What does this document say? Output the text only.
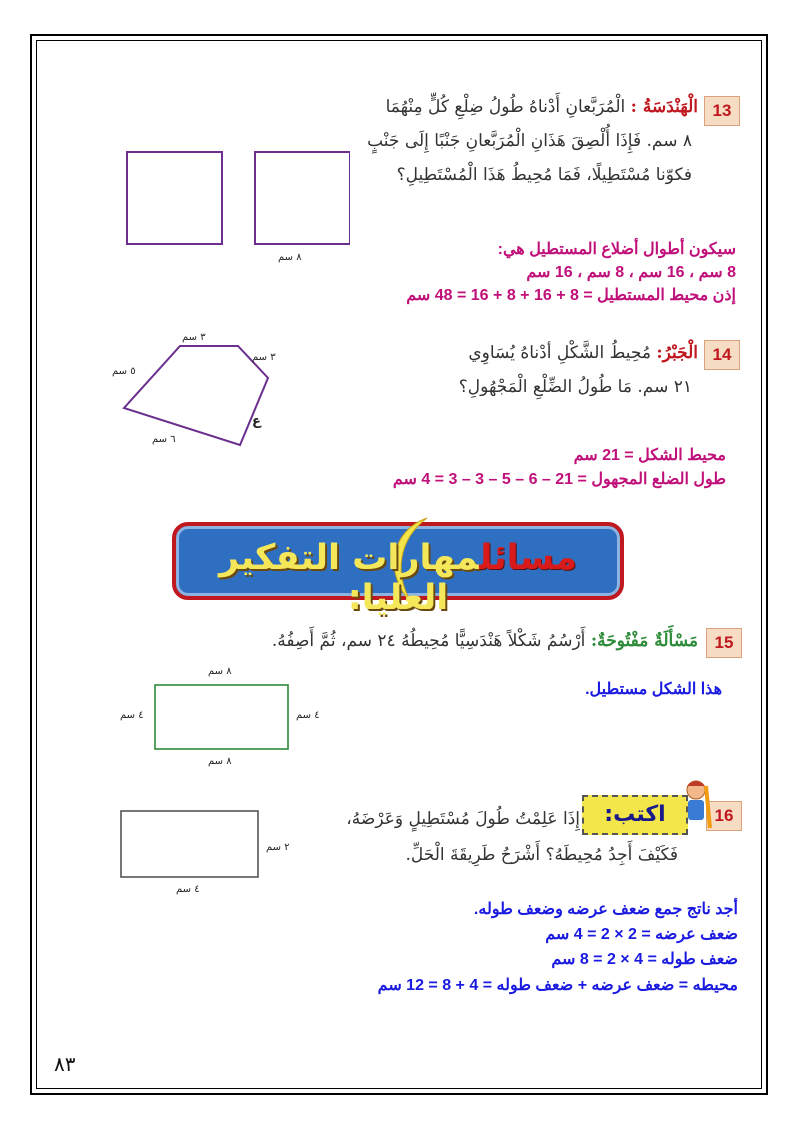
13
الْهَنْدَسَةُ : الْمُرَبَّعانِ أَدْناهُ طُولُ ضِلْعِ كُلٍّ مِنْهُمَا
٨ سم. فَإِذَا أُلْصِقَ هَذَانِ الْمُرَبَّعانِ جَنْبًا إِلَى جَنْبٍ
فكوّنا مُسْتَطِيلًا، فَمَا مُحِيطُ هَذَا الْمُسْتَطِيلِ؟
٨ سم	سيكون أطوال أضلاع المستطيل هي:
8 سم ، 16 سم ، 8 سم ، 16 سم
إذن محيط المستطيل = 8 + 16 + 8 + 16 = 48 سم
14
الْجَبْرُ: مُحِيطُ الشَّكْلِ أدْناهُ يُسَاوِي
٢١ سم. مَا طُولُ الضِّلْعِ الْمَجْهُولِ؟
٣ سم
٣ سم
٥ سم
٦ سم
ع
محيط الشكل = 21 سم
طول الضلع المجهول = 21 – 6 – 5 – 3 – 3 = 4 سم
مسائلمهارات التفكير العليا:
15
مَسْأَلَةٌ مَفْتُوحَةٌ: أَرْسُمُ شَكْلاً هَنْدَسِيًّا مُحِيطُهُ ٢٤ سم، ثُمَّ أَصِفُهُ.
٨ سم
٨ سم
٤ سم	٤ سم
هذا الشكل مستطيل.
16
اكتب:
إِذَا عَلِمْتُ طُولَ مُسْتَطِيلٍ وَعَرْضَهُ،
فَكَيْفَ أَجِدُ مُحِيطَهُ؟ أَشْرَحُ طَرِيقَةَ الْحَلِّ.
٢ سم
٤ سم
أجد ناتج جمع ضعف عرضه وضعف طوله.
ضعف عرضه = 2 × 2 = 4 سم
ضعف طوله = 4 × 2 = 8 سم
محيطه = ضعف عرضه + ضعف طوله = 4 + 8 = 12 سم
٨٣
